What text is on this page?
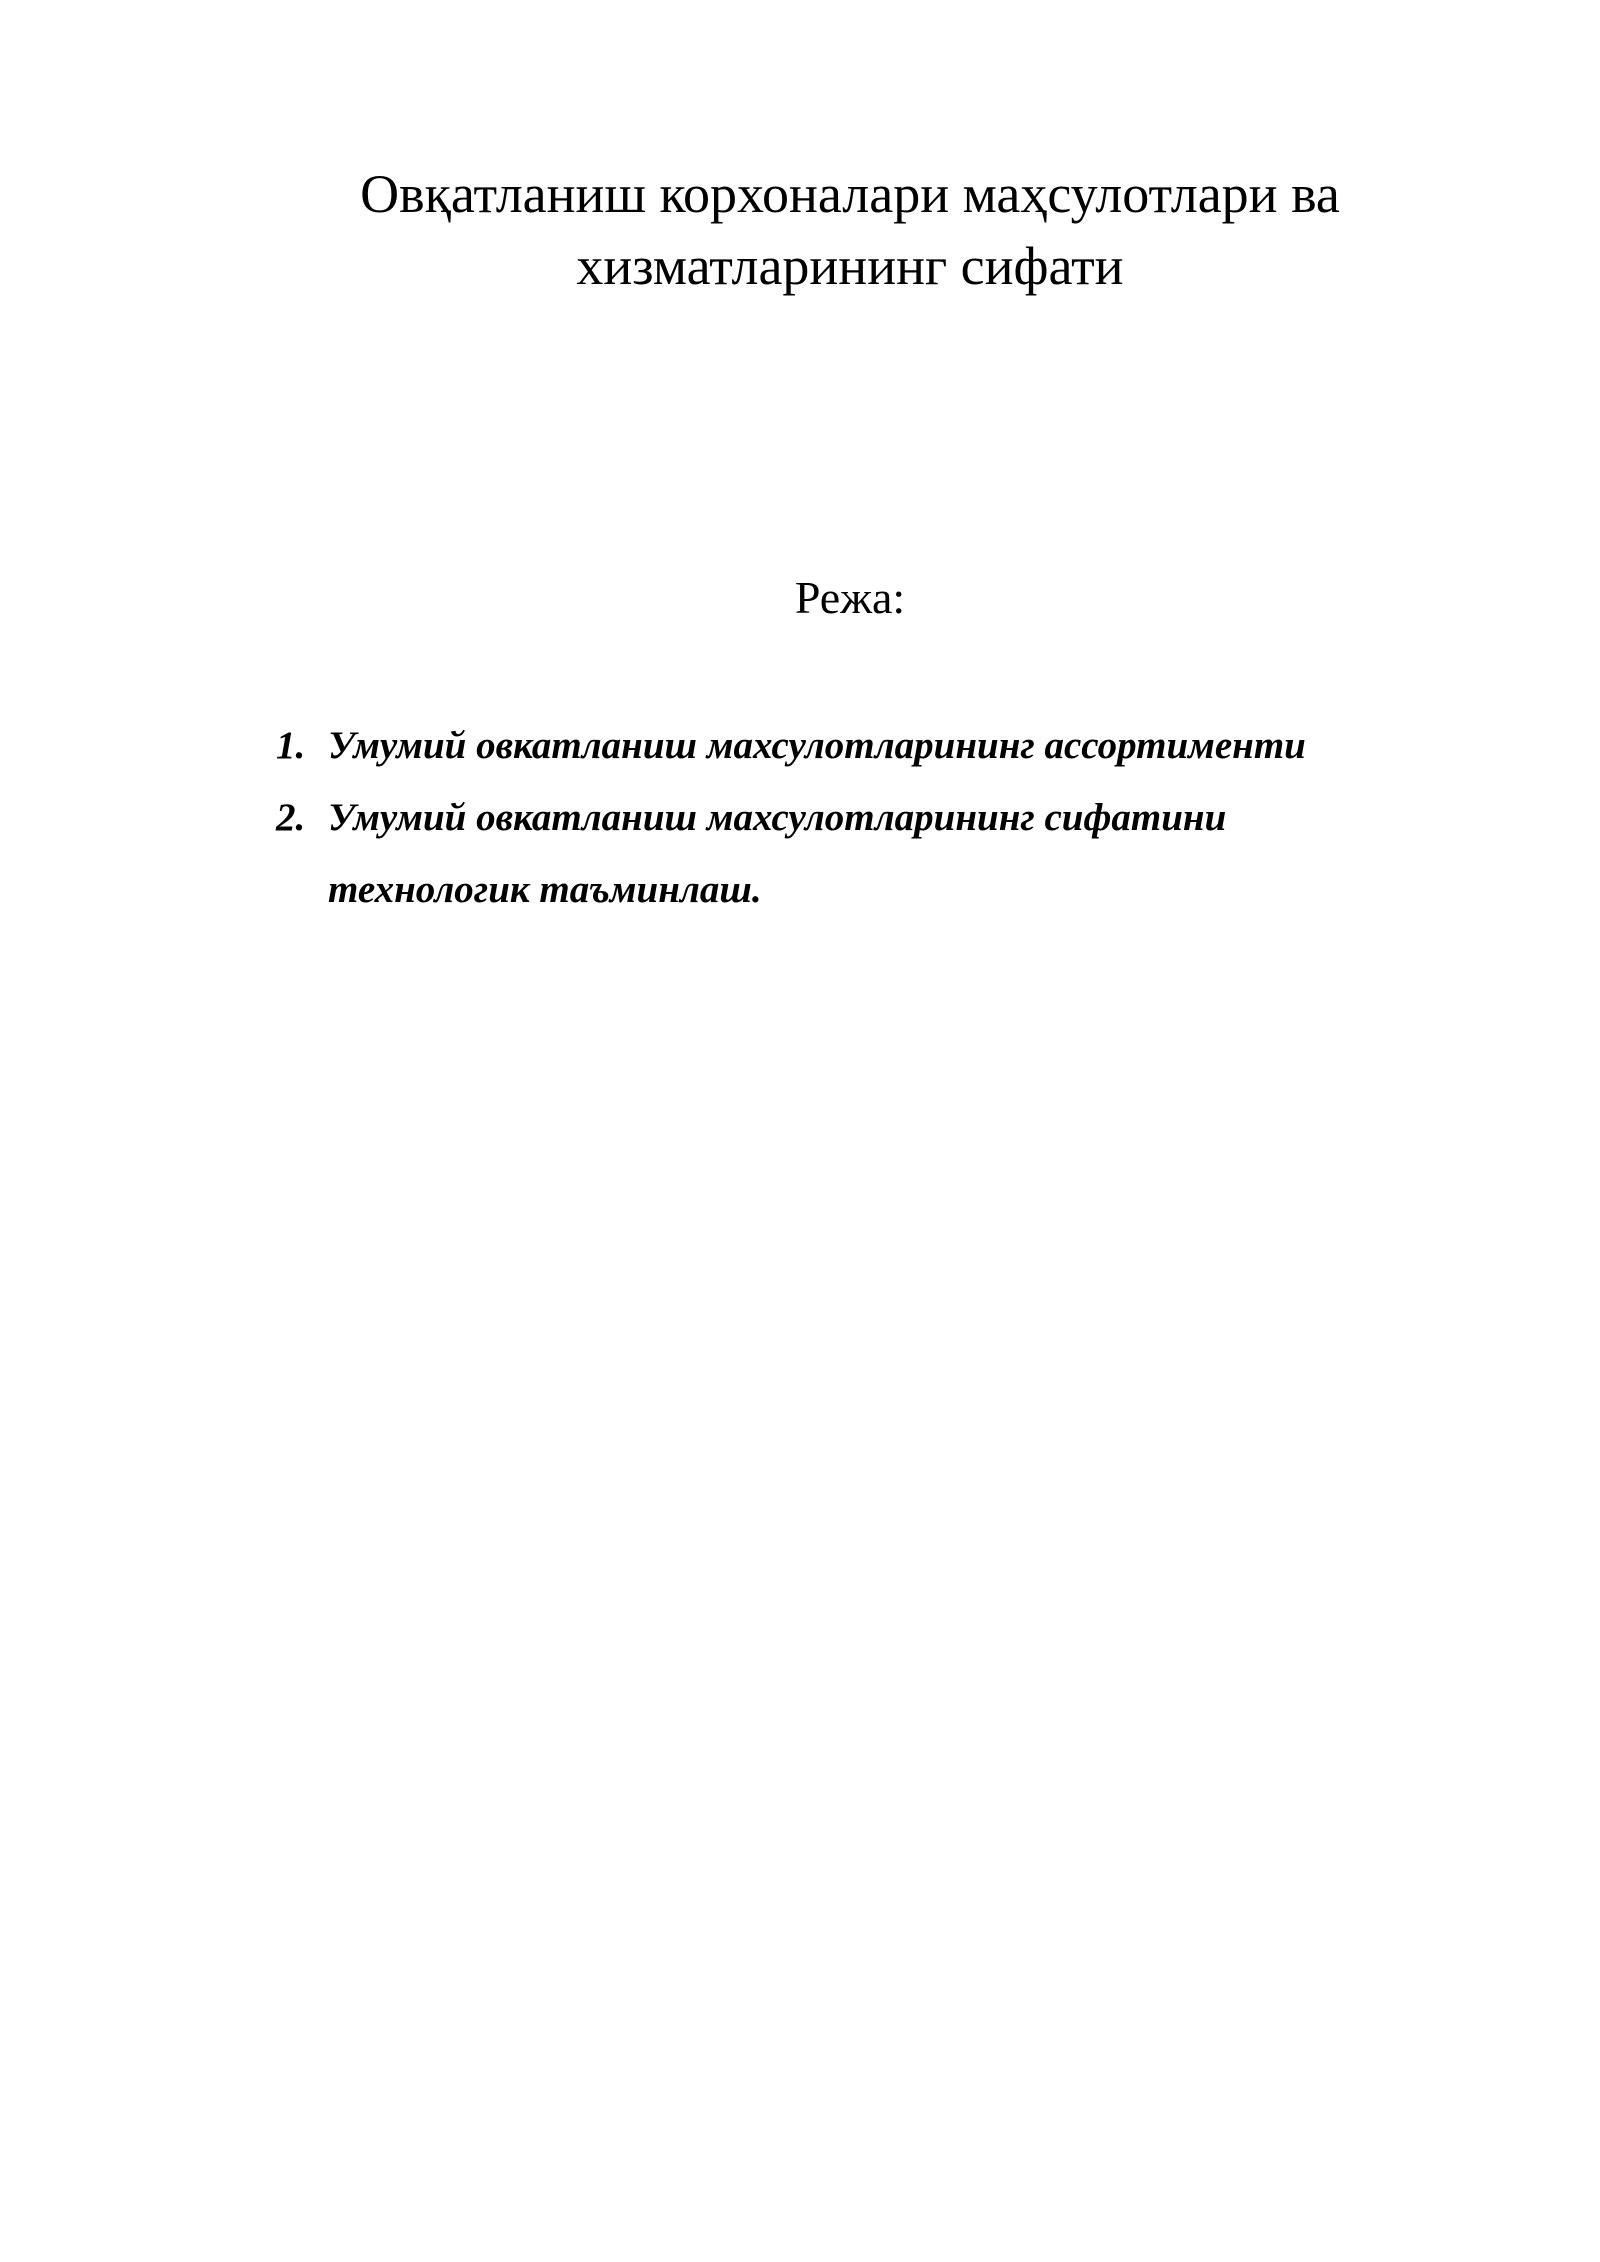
Овқатланиш корхоналари маҳсулотлари ва
хизматларининг сифати
Режа:
1. Умумий овкатланиш махсулотларининг ассортименти
2. Умумий овкатланиш махсулотларининг сифатини
технологик таъминлаш.
